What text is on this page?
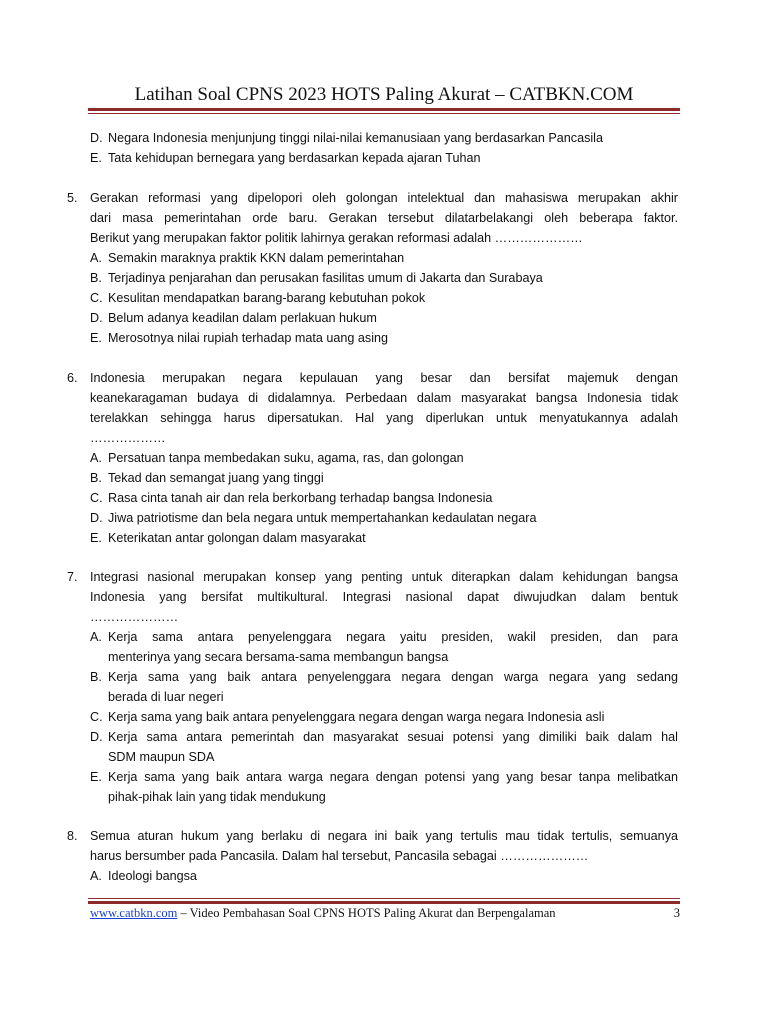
Latihan Soal CPNS 2023 HOTS Paling Akurat – CATBKN.COM
D. Negara Indonesia menjunjung tinggi nilai-nilai kemanusiaan yang berdasarkan Pancasila
E. Tata kehidupan bernegara yang berdasarkan kepada ajaran Tuhan
5. Gerakan reformasi yang dipelopori oleh golongan intelektual dan mahasiswa merupakan akhir
dari masa pemerintahan orde baru. Gerakan tersebut dilatarbelakangi oleh beberapa faktor.
Berikut yang merupakan faktor politik lahirnya gerakan reformasi adalah …………………
A. Semakin maraknya praktik KKN dalam pemerintahan
B. Terjadinya penjarahan dan perusakan fasilitas umum di Jakarta dan Surabaya
C. Kesulitan mendapatkan barang-barang kebutuhan pokok
D. Belum adanya keadilan dalam perlakuan hukum
E. Merosotnya nilai rupiah terhadap mata uang asing
6. Indonesia merupakan negara kepulauan yang besar dan bersifat majemuk dengan
keanekaragaman budaya di didalamnya. Perbedaan dalam masyarakat bangsa Indonesia tidak
terelakkan sehingga harus dipersatukan. Hal yang diperlukan untuk menyatukannya adalah
………………
A. Persatuan tanpa membedakan suku, agama, ras, dan golongan
B. Tekad dan semangat juang yang tinggi
C. Rasa cinta tanah air dan rela berkorbang terhadap bangsa Indonesia
D. Jiwa patriotisme dan bela negara untuk mempertahankan kedaulatan negara
E. Keterikatan antar golongan dalam masyarakat
7. Integrasi nasional merupakan konsep yang penting untuk diterapkan dalam kehidungan bangsa
Indonesia yang bersifat multikultural. Integrasi nasional dapat diwujudkan dalam bentuk
…………………
A. Kerja sama antara penyelenggara negara yaitu presiden, wakil presiden, dan para
menterinya yang secara bersama-sama membangun bangsa
B. Kerja sama yang baik antara penyelenggara negara dengan warga negara yang sedang
berada di luar negeri
C. Kerja sama yang baik antara penyelenggara negara dengan warga negara Indonesia asli
D. Kerja sama antara pemerintah dan masyarakat sesuai potensi yang dimiliki baik dalam hal
SDM maupun SDA
E. Kerja sama yang baik antara warga negara dengan potensi yang yang besar tanpa melibatkan
pihak-pihak lain yang tidak mendukung
8. Semua aturan hukum yang berlaku di negara ini baik yang tertulis mau tidak tertulis, semuanya
harus bersumber pada Pancasila. Dalam hal tersebut, Pancasila sebagai …………………
A. Ideologi bangsa
www.catbkn.com – Video Pembahasan Soal CPNS HOTS Paling Akurat dan Berpengalaman	3
